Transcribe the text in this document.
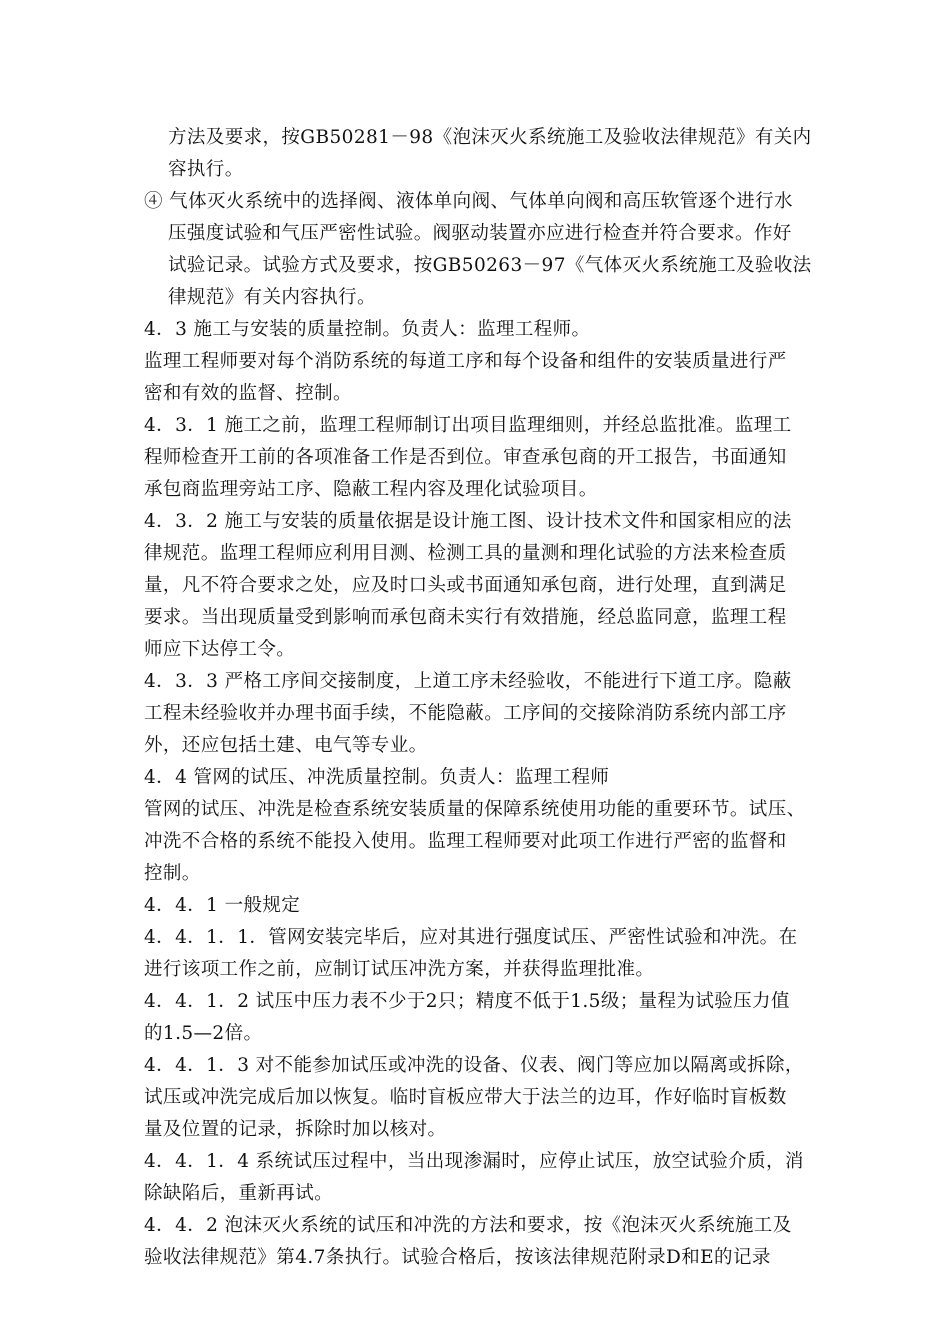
方法及要求，按GB50281－98《泡沫灭火系统施工及验收法律规范》有关内
容执行。
④ 气体灭火系统中的选择阀、液体单向阀、气体单向阀和高压软管逐个进行水
压强度试验和气压严密性试验。阀驱动装置亦应进行检查并符合要求。作好
试验记录。试验方式及要求，按GB50263－97《气体灭火系统施工及验收法
律规范》有关内容执行。
4．3 施工与安装的质量控制。负责人：监理工程师。
监理工程师要对每个消防系统的每道工序和每个设备和组件的安装质量进行严
密和有效的监督、控制。
4．3．1 施工之前，监理工程师制订出项目监理细则，并经总监批准。监理工
程师检查开工前的各项准备工作是否到位。审查承包商的开工报告，书面通知
承包商监理旁站工序、隐蔽工程内容及理化试验项目。
4．3．2 施工与安装的质量依据是设计施工图、设计技术文件和国家相应的法
律规范。监理工程师应利用目测、检测工具的量测和理化试验的方法来检查质
量，凡不符合要求之处，应及时口头或书面通知承包商，进行处理，直到满足
要求。当出现质量受到影响而承包商未实行有效措施，经总监同意，监理工程
师应下达停工令。
4．3．3 严格工序间交接制度，上道工序未经验收，不能进行下道工序。隐蔽
工程未经验收并办理书面手续，不能隐蔽。工序间的交接除消防系统内部工序
外，还应包括土建、电气等专业。
4．4 管网的试压、冲洗质量控制。负责人：监理工程师
管网的试压、冲洗是检查系统安装质量的保障系统使用功能的重要环节。试压、
冲洗不合格的系统不能投入使用。监理工程师要对此项工作进行严密的监督和
控制。
4．4．1 一般规定
4．4．1．1．管网安装完毕后，应对其进行强度试压、严密性试验和冲洗。在
进行该项工作之前，应制订试压冲洗方案，并获得监理批准。
4．4．1．2 试压中压力表不少于2只；精度不低于1.5级；量程为试验压力值
的1.5—2倍。
4．4．1．3 对不能参加试压或冲洗的设备、仪表、阀门等应加以隔离或拆除，
试压或冲洗完成后加以恢复。临时盲板应带大于法兰的边耳，作好临时盲板数
量及位置的记录，拆除时加以核对。
4．4．1．4 系统试压过程中，当出现渗漏时，应停止试压，放空试验介质，消
除缺陷后，重新再试。
4．4．2 泡沫灭火系统的试压和冲洗的方法和要求，按《泡沫灭火系统施工及
验收法律规范》第4.7条执行。试验合格后，按该法律规范附录D和E的记录
